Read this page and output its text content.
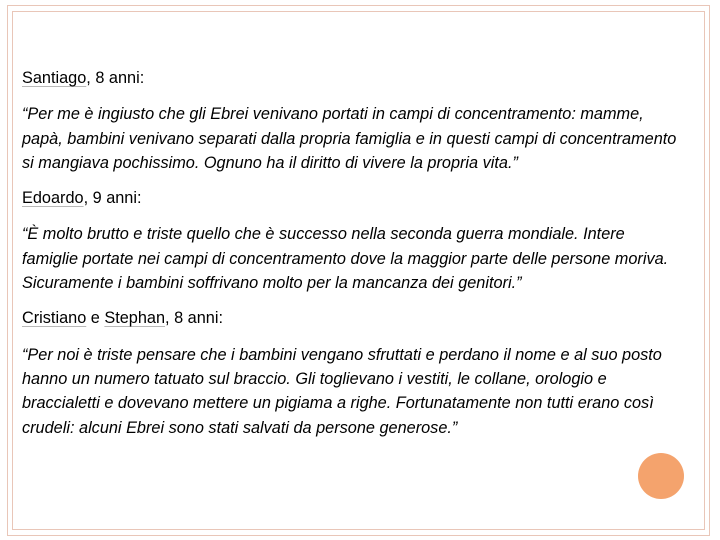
Santiago, 8 anni:

“Per me è ingiusto che gli Ebrei venivano portati in campi di concentramento: mamme, papà, bambini venivano separati dalla propria famiglia e in questi campi di concentramento si mangiava pochissimo. Ognuno ha il diritto di vivere la propria vita.”

Edoardo, 9 anni:

“È molto brutto e triste quello che è successo nella seconda guerra mondiale. Intere famiglie portate nei campi di concentramento dove la maggior parte delle persone moriva. Sicuramente i bambini soffrivano molto per la mancanza dei genitori.”

Cristiano e Stephan, 8 anni:

“Per noi è triste pensare che i bambini vengano sfruttati e perdano il nome e al suo posto hanno un numero tatuato sul braccio. Gli toglievano i vestiti, le collane, orologio e braccialetti e dovevano mettere un pigiama a righe. Fortunatamente non tutti erano così crudeli: alcuni Ebrei sono stati salvati da persone generose.”
